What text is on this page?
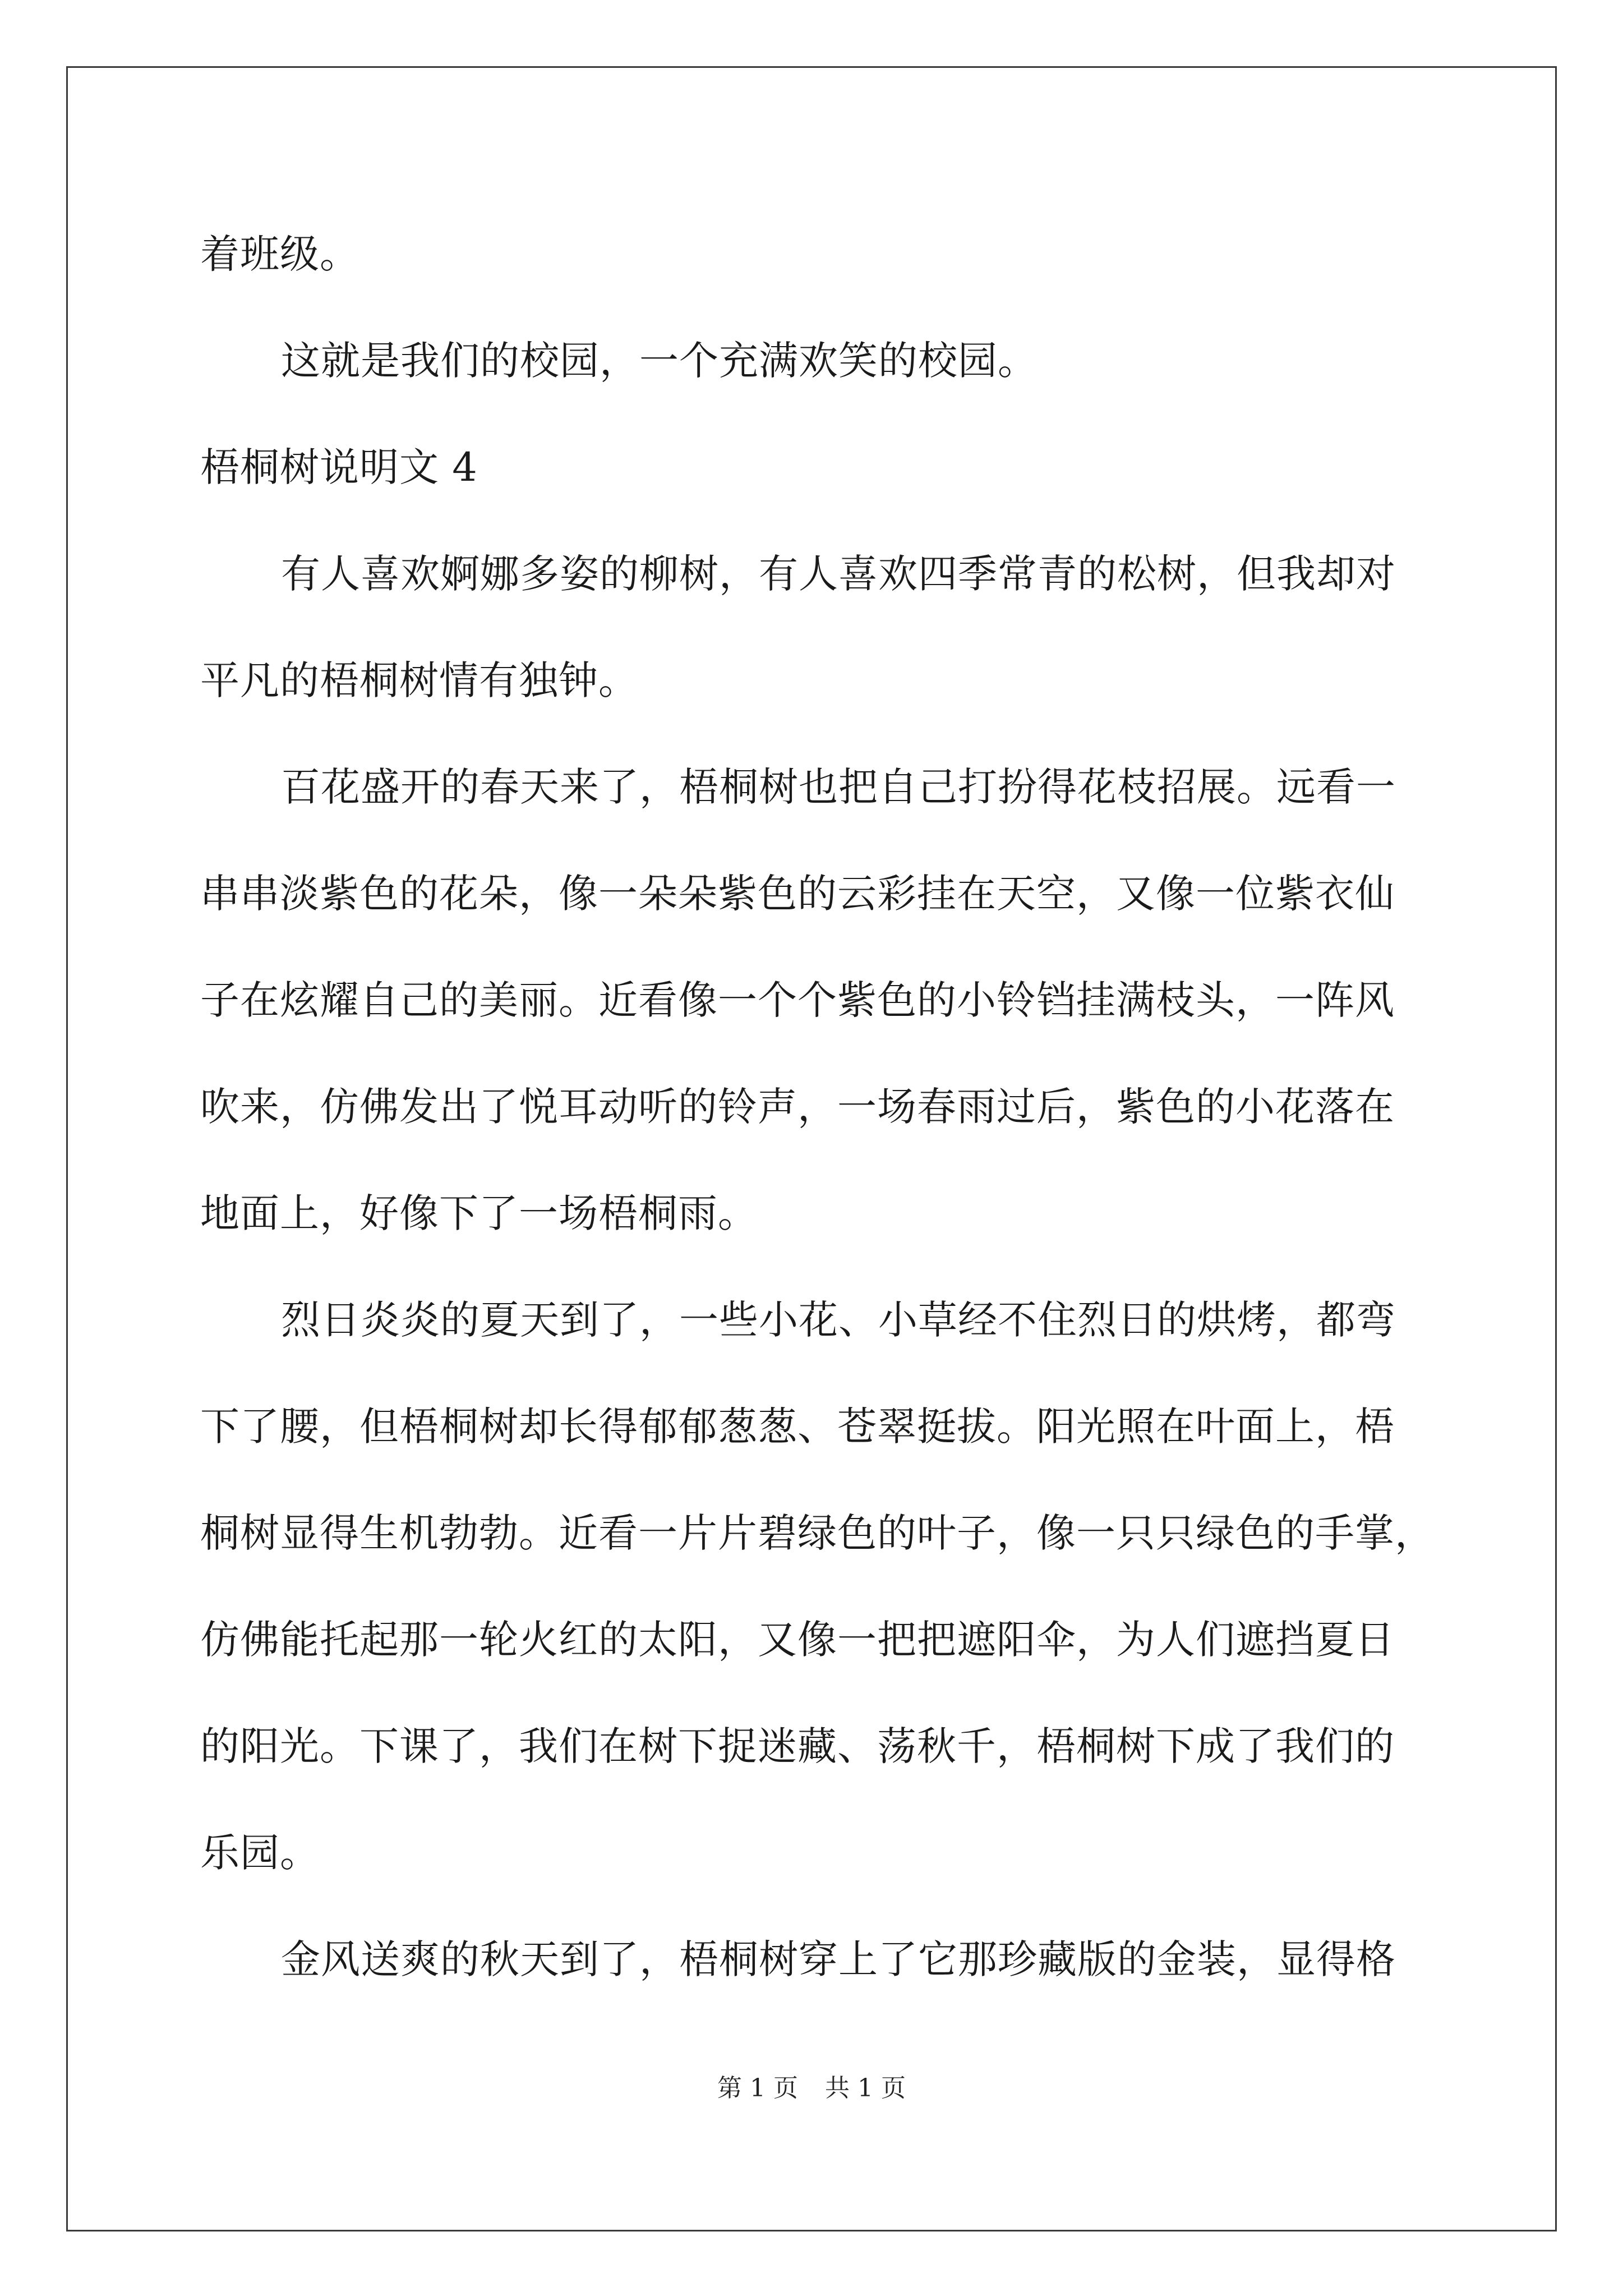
着班级。
这就是我们的校园，一个充满欢笑的校园。
梧桐树说明文 4
有人喜欢婀娜多姿的柳树，有人喜欢四季常青的松树，但我却对
平凡的梧桐树情有独钟。
百花盛开的春天来了，梧桐树也把自己打扮得花枝招展。远看一
串串淡紫色的花朵，像一朵朵紫色的云彩挂在天空，又像一位紫衣仙
子在炫耀自己的美丽。近看像一个个紫色的小铃铛挂满枝头，一阵风
吹来，仿佛发出了悦耳动听的铃声，一场春雨过后，紫色的小花落在
地面上，好像下了一场梧桐雨。
烈日炎炎的夏天到了，一些小花、小草经不住烈日的烘烤，都弯
下了腰，但梧桐树却长得郁郁葱葱、苍翠挺拔。阳光照在叶面上，梧
桐树显得生机勃勃。近看一片片碧绿色的叶子，像一只只绿色的手掌，
仿佛能托起那一轮火红的太阳，又像一把把遮阳伞，为人们遮挡夏日
的阳光。下课了，我们在树下捉迷藏、荡秋千，梧桐树下成了我们的
乐园。
金风送爽的秋天到了，梧桐树穿上了它那珍藏版的金装，显得格
第 1 页 共 1 页
